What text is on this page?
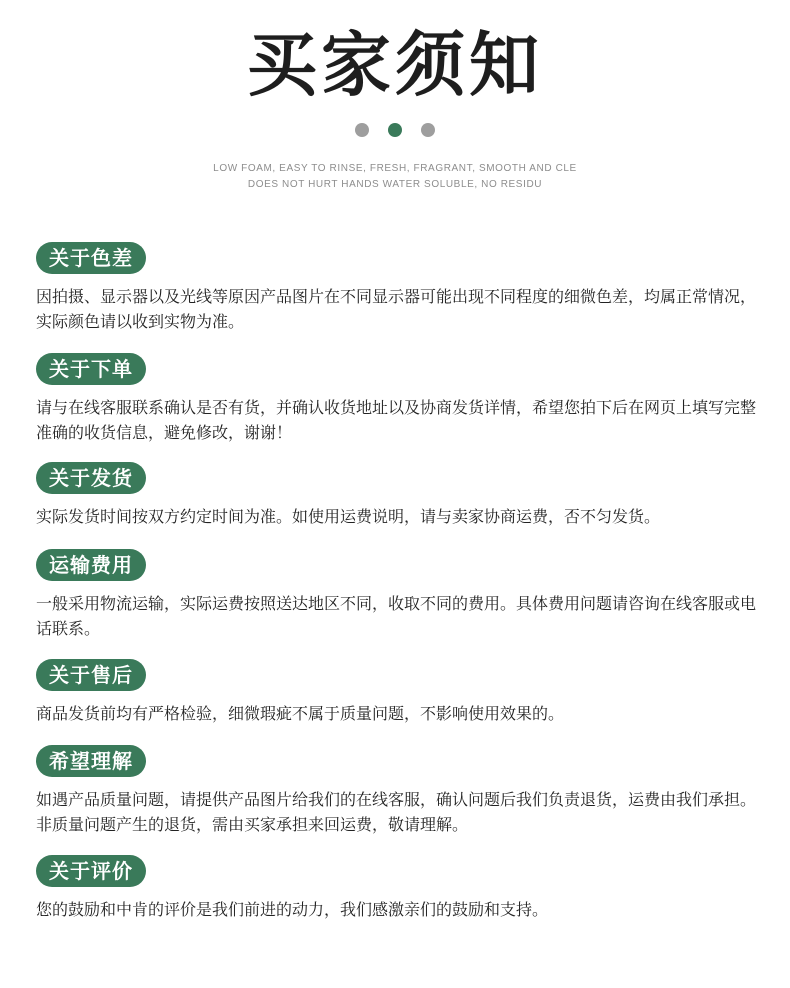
买家须知
LOW FOAM, EASY TO RINSE, FRESH, FRAGRANT, SMOOTH AND CLE
DOES NOT HURT HANDS WATER SOLUBLE, NO RESIDU
关于色差
因拍摄、显示器以及光线等原因产品图片在不同显示器可能出现不同程度的细微色差，均属正常情况，实际颜色请以收到实物为准。
关于下单
请与在线客服联系确认是否有货，并确认收货地址以及协商发货详情，希望您拍下后在网页上填写完整准确的收货信息，避免修改，谢谢！
关于发货
实际发货时间按双方约定时间为准。如使用运费说明，请与卖家协商运费，否不匀发货。
运输费用
一般采用物流运输，实际运费按照送达地区不同，收取不同的费用。具体费用问题请咨询在线客服或电话联系。
关于售后
商品发货前均有严格检验，细微瑕疵不属于质量问题，不影响使用效果的。
希望理解
如遇产品质量问题，请提供产品图片给我们的在线客服，确认问题后我们负责退货，运费由我们承担。非质量问题产生的退货，需由买家承担来回运费，敬请理解。
关于评价
您的鼓励和中肯的评价是我们前进的动力，我们感激亲们的鼓励和支持。
